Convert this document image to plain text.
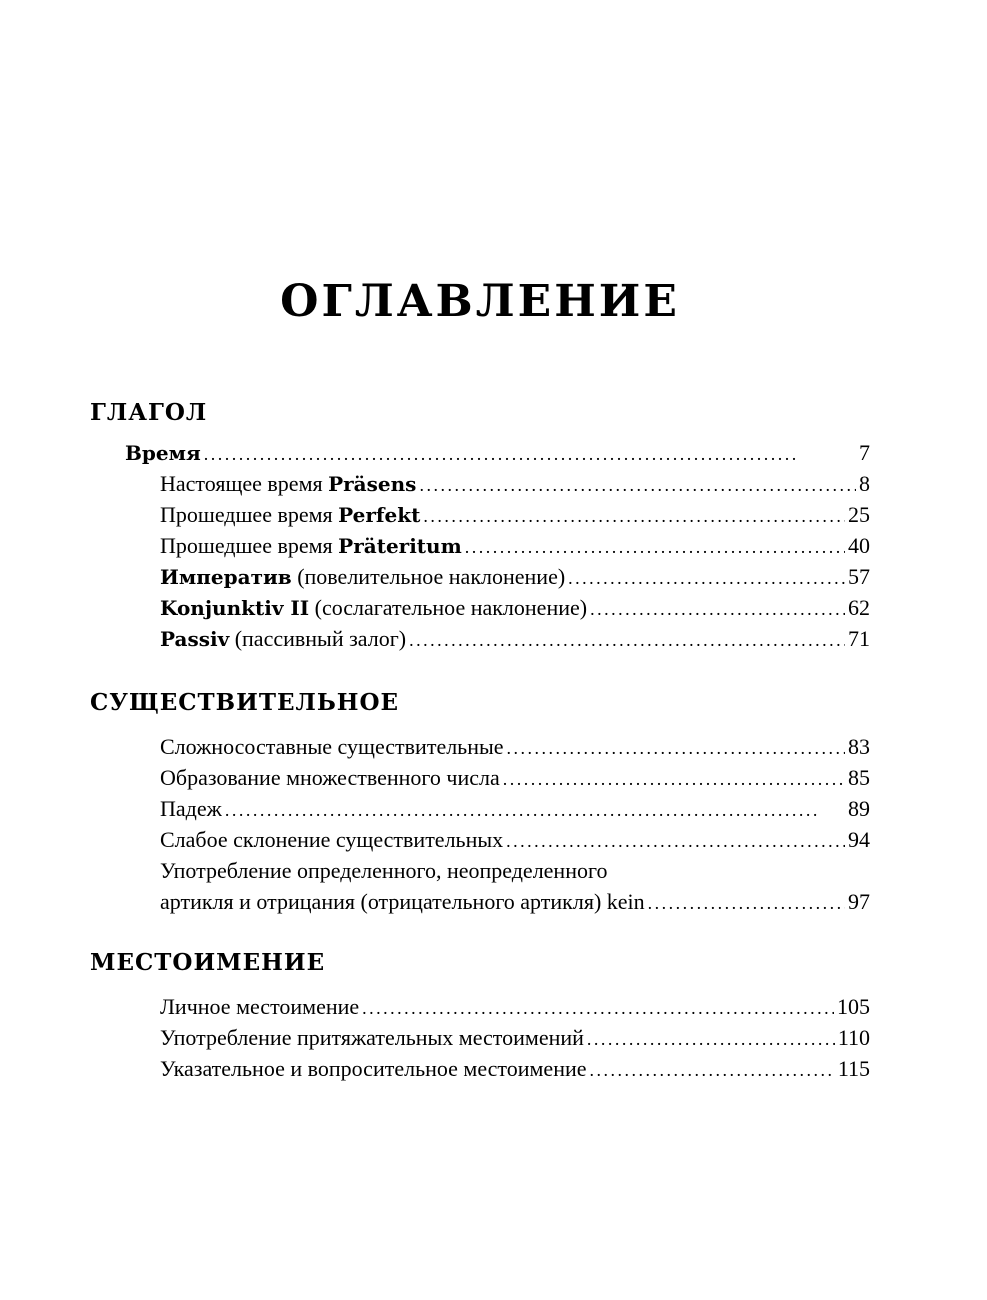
ОГЛАВЛЕНИЕ
ГЛАГОЛ
Время . . .	7
Настоящее время Präsens . . .	8
Прошедшее время Perfekt . . .	25
Прошедшее время Präteritum . . .	40
Императив (повелительное наклонение) . . .	57
Konjunktiv II (сослагательное наклонение) . . .	62
Passiv (пассивный залог) . . .	71
СУЩЕСТВИТЕЛЬНОЕ
Сложносоставные существительные . . .	83
Образование множественного числа . . .	85
Падеж . . .	89
Слабое склонение существительных . . .	94
Употребление определенного, неопределенного
артикля и отрицания (отрицательного артикля) kein . . .	97
МЕСТОИМЕНИЕ
Личное местоимение . . .	105
Употребление притяжательных местоимений . . .	110
Указательное и вопросительное местоимение . . .	115
